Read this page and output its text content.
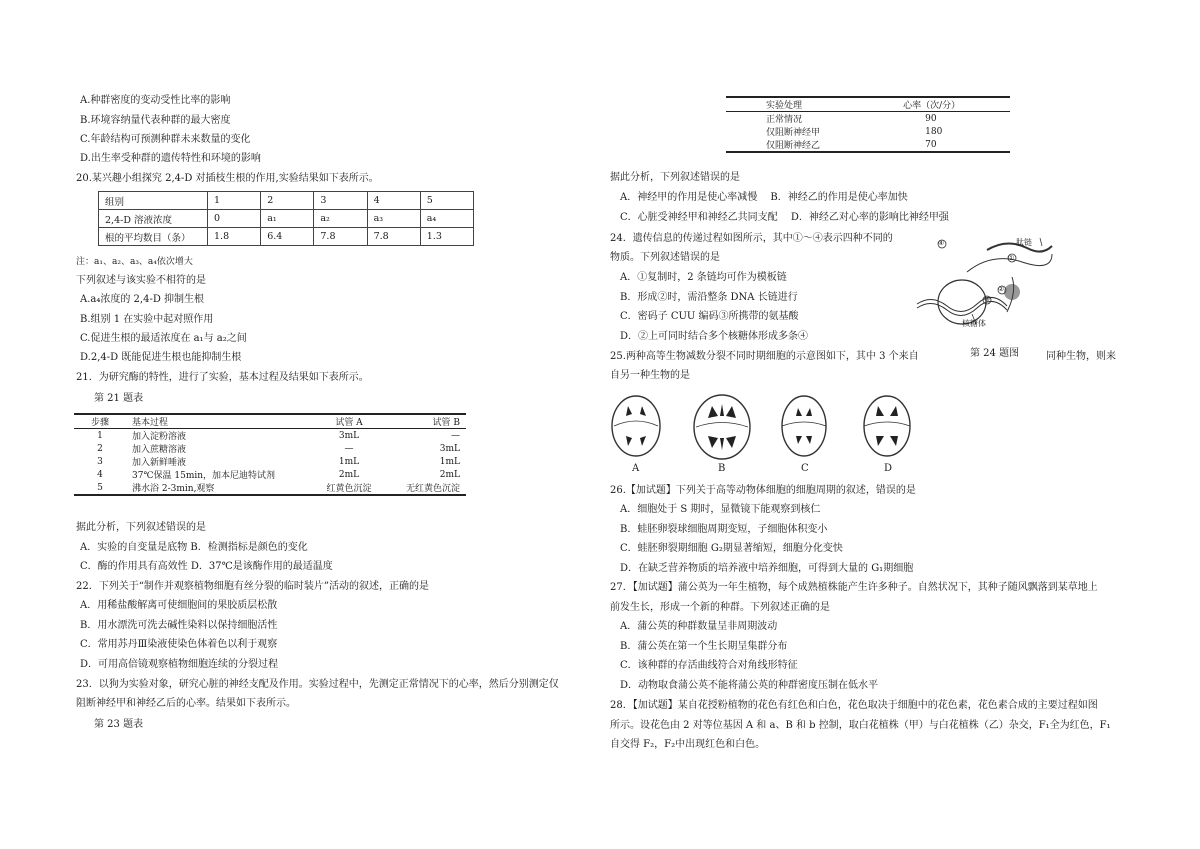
A.种群密度的变动受性比率的影响
B.环境容纳量代表种群的最大密度
C.年龄结构可预测种群未来数量的变化
D.出生率受种群的遗传特性和环境的影响
20.某兴趣小组探究 2,4-D 对插枝生根的作用,实验结果如下表所示。
组别	1	2	3	4	5
2,4-D 溶液浓度	0	a₁	a₂	a₃	a₄
根的平均数目（条）	1.8	6.4	7.8	7.8	1.3
注：a₁、a₂、a₃、a₄依次增大
下列叙述与该实验不相符的是
A.a₄浓度的 2,4-D 抑制生根
B.组别 1 在实验中起对照作用
C.促进生根的最适浓度在 a₁与 a₂之间
D.2,4-D 既能促进生根也能抑制生根
21．为研究酶的特性，进行了实验，基本过程及结果如下表所示。
第 21 题表
步骤	基本过程	试管 A	试管 B
1	加入淀粉溶液	3mL	—
2	加入蔗糖溶液	—	3mL
3	加入新鲜唾液	1mL	1mL
4	37℃保温 15min，加本尼迪特试剂	2mL	2mL
5	沸水浴 2-3min,观察	红黄色沉淀	无红黄色沉淀
据此分析，下列叙述错误的是
A．实验的自变量是底物 B．检测指标是颜色的变化
C．酶的作用具有高效性 D．37℃是该酶作用的最适温度
22．下列关于“制作并观察植物细胞有丝分裂的临时装片”活动的叙述，正确的是
A．用稀盐酸解离可使细胞间的果胶质层松散
B．用水漂洗可洗去碱性染料以保持细胞活性
C．常用苏丹Ⅲ染液使染色体着色以利于观察
D．可用高倍镜观察植物细胞连续的分裂过程
23．以狗为实验对象，研究心脏的神经支配及作用。实验过程中，先测定正常情况下的心率，然后分别测定仅
阻断神经甲和神经乙后的心率。结果如下表所示。
第 23 题表
实验处理	心率（次/分）
正常情况	90
仅阻断神经甲	180
仅阻断神经乙	70
据此分析，下列叙述错误的是
A．神经甲的作用是使心率减慢　 B．神经乙的作用是使心率加快
C．心脏受神经甲和神经乙共同支配　 D．神经乙对心率的影响比神经甲强
24．遗传信息的传递过程如图所示，其中①～④表示四种不同的
物质。下列叙述错误的是
A．①复制时，2 条链均可作为模板链
B．形成②时，需沿整条 DNA 长链进行
C．密码子 CUU 编码③所携带的氨基酸
D．②上可同时结合多个核糖体形成多条④
④
③
②
①
肽链
核糖体
第 24 题图
25.两种高等生物减数分裂不同时期细胞的示意图如下，其中 3 个来自	同种生物，则来
自另一种生物的是
A	B	C	D
26.【加试题】下列关于高等动物体细胞的细胞周期的叙述，错误的是
A．细胞处于 S 期时，显微镜下能观察到核仁
B．蛙胚卵裂球细胞周期变短，子细胞体积变小
C．蛙胚卵裂期细胞 G₂期显著缩短，细胞分化变快
D．在缺乏营养物质的培养液中培养细胞，可得到大量的 G₁期细胞
27．【加试题】蒲公英为一年生植物，每个成熟植株能产生许多种子。自然状况下，其种子随风飘落到某草地上
前发生长，形成一个新的种群。下列叙述正确的是
A．蒲公英的种群数量呈非周期波动
B．蒲公英在第一个生长期呈集群分布
C．该种群的存活曲线符合对角线形特征
D．动物取食蒲公英不能将蒲公英的种群密度压制在低水平
28．【加试题】某自花授粉植物的花色有红色和白色，花色取决于细胞中的花色素，花色素合成的主要过程如图
所示。设花色由 2 对等位基因 A 和 a、B 和 b 控制，取白花植株（甲）与白花植株（乙）杂交，F₁全为红色，F₁
自交得 F₂，F₂中出现红色和白色。
